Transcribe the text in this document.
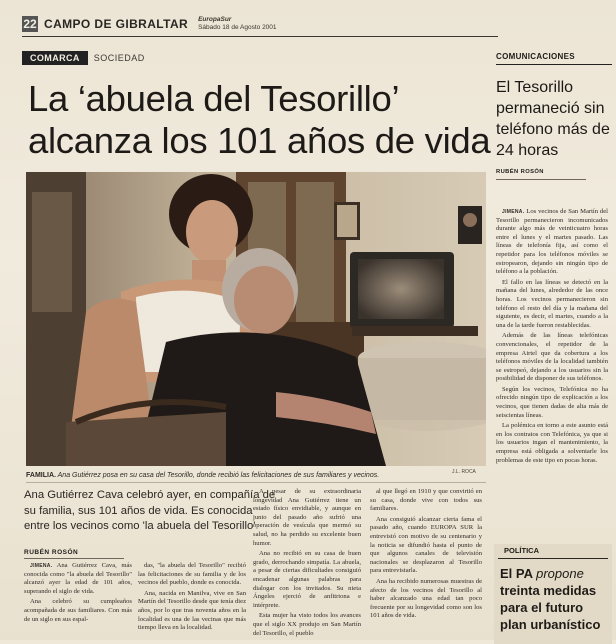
22 CAMPO DE GIBRALTAR EuropaSur
Sábado 18 de Agosto 2001
COMARCA	SOCIEDAD
La ‘abuela del Tesorillo’
alcanza los 101 años de vida
J.L. ROCA
FAMILIA. Ana Gutiérrez posa en su casa del Tesorillo, donde recibió las felicitaciones de sus familiares y vecinos.
Ana Gutiérrez Cava celebró ayer, en compañía de su familia, sus 101 años de vida. Es conocida entre los vecinos como 'la abuela del Tesorillo'
RUBÉN ROSÓN

JIMENA. Ana Gutiérrez Cava, más conocida como "la abuela del Tesorillo" alcanzó ayer la edad de 101 años, superando el siglo de vida.

Ana celebró su cumpleaños acompañada de sus familiares. Con más de un siglo en sus espal-

das, "la abuela del Tesorillo" recibió las felicitaciones de su familia y de los vecinos del pueblo, donde es conocida.

Ana, nacida en Manilva, vive en San Martín del Tesorillo desde que tenía diez años, por lo que tras noventa años en la localidad es una de las vecinas que más tiempo lleva en la localidad.

A pesar de su extraordinaria longevidad Ana Gutiérrez tiene un estado físico envidiable, y aunque en junio del pasado año sufrió una operación de vesícula que mermó su salud, no ha perdido su excelente buen humor.

Ana no recibió en su casa de buen grado, derrochando simpatía. La abuela, a pesar de ciertas dificultades consiguió encadenar algunas palabras para dialogar con los invitados. Su nieta Ángeles ejerció de anfitriona e intérprete.

Esta mujer ha visto todos los avances que el siglo XX produjo en San Martín del Tesorillo, el pueblo

al que llegó en 1910 y que convirtió en su casa, donde vive con todos sus familiares.

Ana consiguió alcanzar cierta fama el pasado año, cuando EUROPA SUR la entrevistó con motivo de su centenario y la noticia se difundió hasta el punto de que algunos canales de televisión nacionales se desplazaron al Tesorillo para entrevistarla.

Ana ha recibido numerosas muestras de afecto de los vecinos del Tesorillo al haber alcanzado una edad tan poco frecuente por su longevidad como son los 101 años de vida.

COMUNICACIONES
El Tesorillo permaneció sin teléfono más de 24 horas
RUBÉN ROSÓN

JIMENA. Los vecinos de San Martín del Tesorillo permanecieron incomunicados durante algo más de veinticuatro horas entre el lunes y el martes pasado. Las líneas de telefonía fija, así como el repetidor para los teléfonos móviles se estropearon, dejando sin ningún tipo de teléfono a la población.

El fallo en las líneas se detectó en la mañana del lunes, alrededor de las once horas. Los vecinos permanecieron sin teléfono el resto del día y la mañana del siguiente, es decir, el martes, cuando a la una de la tarde fueron restablecidas.

Además de las líneas telefónicas convencionales, el repetidor de la empresa Airtel que da cobertura a los teléfonos móviles de la localidad también se estropeó, dejando a los usuarios sin la posibilidad de disponer de sus teléfonos.

Según los vecinos, Telefónica no ha ofrecido ningún tipo de explicación a los vecinos, que tienen dadas de alta más de seiscientas líneas.

La polémica en torno a este asunto está en los contratos con Telefónica, ya que si los usuarios ingan el mantenimiento, la empresa está obligada a solventarle los problemas de este tipo en pocas horas.

POLÍTICA
El PA propone treinta medidas para el futuro plan urbanístico
